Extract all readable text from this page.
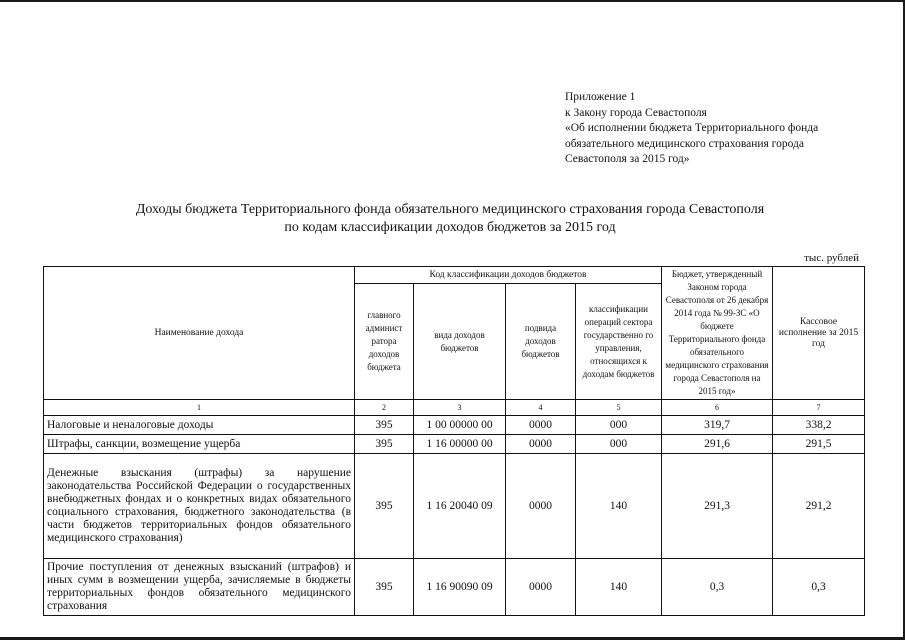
Приложение 1
к Закону города Севастополя
«Об исполнении бюджета Территориального фонда
обязательного медицинского страхования города
Севастополя за 2015 год»
Доходы бюджета Территориального фонда обязательного медицинского страхования города Севастополя
по кодам классификации доходов бюджетов за 2015 год
тыс. рублей
Наименование дохода	Код классификации доходов бюджетов				Бюджет, утвержденный Законом города Севастополя от 26 декабря 2014 года № 99-ЗС «О бюджете Территориального фонда обязательного медицинского страхования города Севастополя на 2015 год»	Кассовое исполнение за 2015 год
	главного админист ратора доходов бюджета	вида доходов бюджетов	подвида доходов бюджетов	классификации операций сектора государственно го управления, относящихся к доходам бюджетов		
1	2	3	4	5	6	7
Налоговые и неналоговые доходы	395	1 00 00000 00	0000	000	319,7	338,2
Штрафы, санкции, возмещение ущерба	395	1 16 00000 00	0000	000	291,6	291,5
Денежные взыскания (штрафы) за нарушение законодательства Российской Федерации о государственных внебюджетных фондах и о конкретных видах обязательного социального страхования, бюджетного законодательства (в части бюджетов территориальных фондов обязательного медицинского страхования)	395	1 16 20040 09	0000	140	291,3	291,2
Прочие поступления от денежных взысканий (штрафов) и иных сумм в возмещении ущерба, зачисляемые в бюджеты территориальных фондов обязательного медицинского страхования	395	1 16 90090 09	0000	140	0,3	0,3
